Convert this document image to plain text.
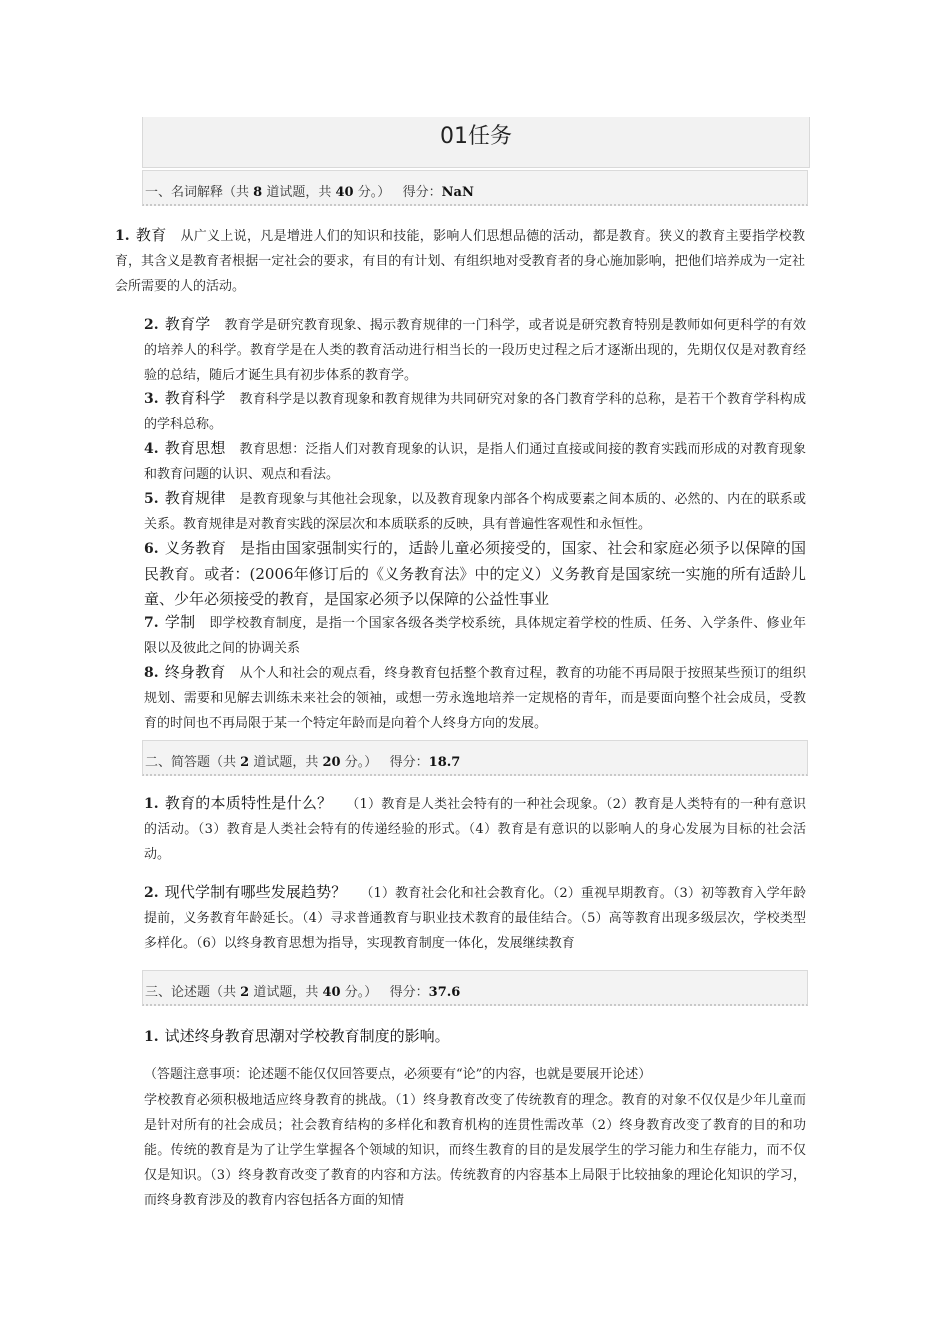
01任务
一、名词解释（共 8 道试题，共 40 分。） 得分：NaN
1. 教育 从广义上说，凡是增进人们的知识和技能，影响人们思想品德的活动，都是教育。狭义的教育主要指学校教育，其含义是教育者根据一定社会的要求，有目的有计划、有组织地对受教育者的身心施加影响，把他们培养成为一定社会所需要的人的活动。
2. 教育学 教育学是研究教育现象、揭示教育规律的一门科学，或者说是研究教育特别是教师如何更科学的有效的培养人的科学。教育学是在人类的教育活动进行相当长的一段历史过程之后才逐渐出现的，先期仅仅是对教育经验的总结，随后才诞生具有初步体系的教育学。
3. 教育科学 教育科学是以教育现象和教育规律为共同研究对象的各门教育学科的总称，是若干个教育学科构成的学科总称。
4. 教育思想 教育思想：泛指人们对教育现象的认识，是指人们通过直接或间接的教育实践而形成的对教育现象和教育问题的认识、观点和看法。
5. 教育规律 是教育现象与其他社会现象，以及教育现象内部各个构成要素之间本质的、必然的、内在的联系或关系。教育规律是对教育实践的深层次和本质联系的反映，具有普遍性客观性和永恒性。
6. 义务教育 是指由国家强制实行的，适龄儿童必须接受的，国家、社会和家庭必须予以保障的国民教育。或者：(2006年修订后的《义务教育法》中的定义）义务教育是国家统一实施的所有适龄儿童、少年必须接受的教育，是国家必须予以保障的公益性事业
7. 学制 即学校教育制度，是指一个国家各级各类学校系统，具体规定着学校的性质、任务、入学条件、修业年限以及彼此之间的协调关系
8. 终身教育 从个人和社会的观点看，终身教育包括整个教育过程，教育的功能不再局限于按照某些预订的组织规划、需要和见解去训练未来社会的领袖，或想一劳永逸地培养一定规格的青年，而是要面向整个社会成员，受教育的时间也不再局限于某一个特定年龄而是向着个人终身方向的发展。
二、简答题（共 2 道试题，共 20 分。） 得分：18.7
1. 教育的本质特性是什么？ （1）教育是人类社会特有的一种社会现象。（2）教育是人类特有的一种有意识的活动。（3）教育是人类社会特有的传递经验的形式。（4）教育是有意识的以影响人的身心发展为目标的社会活动。
2. 现代学制有哪些发展趋势？ （1）教育社会化和社会教育化。（2）重视早期教育。（3）初等教育入学年龄提前，义务教育年龄延长。（4）寻求普通教育与职业技术教育的最佳结合。（5）高等教育出现多级层次，学校类型多样化。（6）以终身教育思想为指导，实现教育制度一体化，发展继续教育
三、论述题（共 2 道试题，共 40 分。） 得分：37.6
1. 试述终身教育思潮对学校教育制度的影响。
（答题注意事项：论述题不能仅仅回答要点，必须要有“论”的内容，也就是要展开论述）
学校教育必须积极地适应终身教育的挑战。（1）终身教育改变了传统教育的理念。教育的对象不仅仅是少年儿童而是针对所有的社会成员；社会教育结构的多样化和教育机构的连贯性需改革（2）终身教育改变了教育的目的和功能。传统的教育是为了让学生掌握各个领域的知识，而终生教育的目的是发展学生的学习能力和生存能力，而不仅仅是知识。（3）终身教育改变了教育的内容和方法。传统教育的内容基本上局限于比较抽象的理论化知识的学习，而终身教育涉及的教育内容包括各方面的知情
